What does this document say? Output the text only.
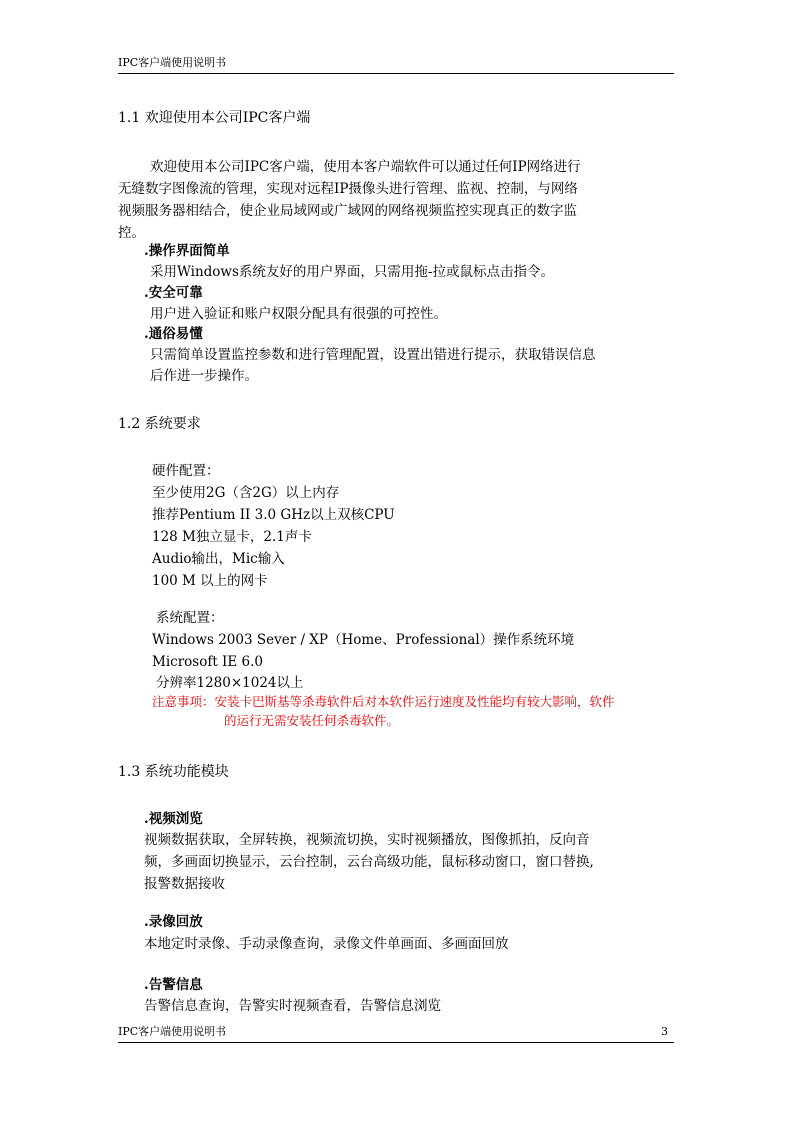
IPC客户端使用说明书
1.1 欢迎使用本公司IPC客户端
欢迎使用本公司IPC客户端，使用本客户端软件可以通过任何IP网络进行
无缝数字图像流的管理，实现对远程IP摄像头进行管理、监视、控制，与网络
视频服务器相结合，使企业局域网或广域网的网络视频监控实现真正的数字监
控。
.操作界面简单
采用Windows系统友好的用户界面，只需用拖-拉或鼠标点击指令。
.安全可靠
用户进入验证和账户权限分配具有很强的可控性。
.通俗易懂
只需简单设置监控参数和进行管理配置，设置出错进行提示，获取错误信息
后作进一步操作。
1.2 系统要求
硬件配置：
至少使用2G（含2G）以上内存
推荐Pentium II 3.0 GHz以上双核CPU
128 M独立显卡，2.1声卡
Audio输出，Mic输入
100 M 以上的网卡
系统配置：
Windows 2003 Sever / XP（Home、Professional）操作系统环境
Microsoft IE 6.0
分辨率1280×1024以上
注意事项：安装卡巴斯基等杀毒软件后对本软件运行速度及性能均有较大影响，软件
的运行无需安装任何杀毒软件。
1.3 系统功能模块
.视频浏览
视频数据获取，全屏转换，视频流切换，实时视频播放，图像抓拍，反向音
频，多画面切换显示，云台控制，云台高级功能，鼠标移动窗口，窗口替换,
报警数据接收
.录像回放
本地定时录像、手动录像查询，录像文件单画面、多画面回放
.告警信息
告警信息查询，告警实时视频查看，告警信息浏览
IPC客户端使用说明书	3
